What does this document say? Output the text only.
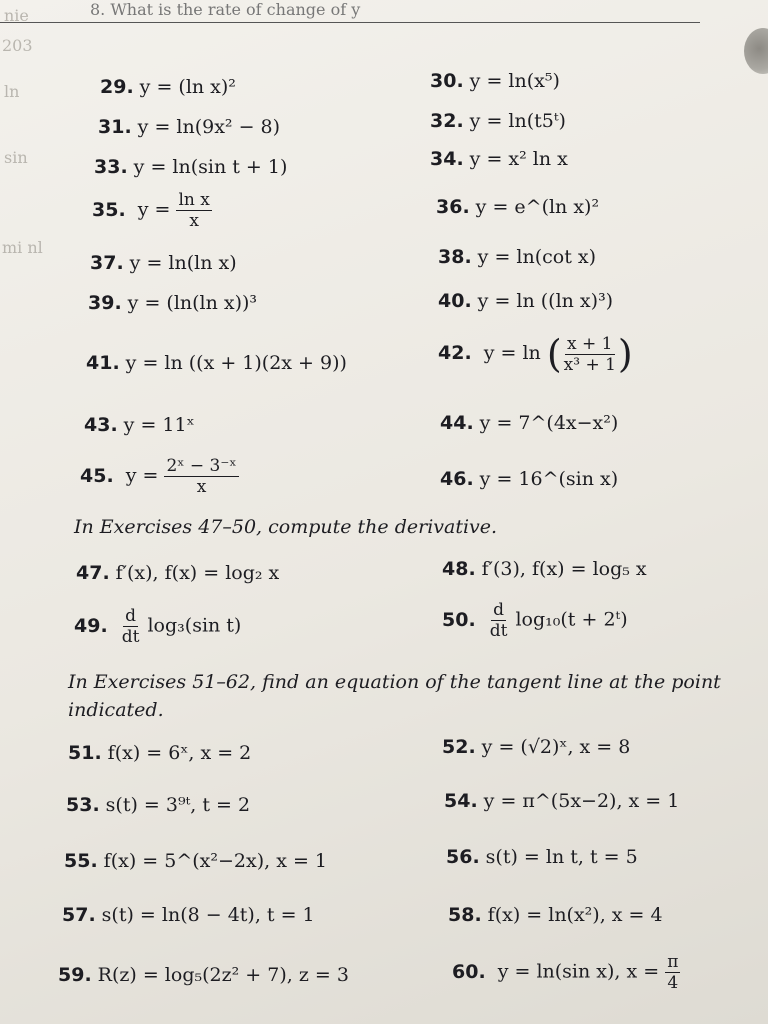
8. What is the rate of change of y
nie
203
ln
sin
mi nl
29. y = (ln x)²	30. y = ln(x⁵)
31. y = ln(9x² − 8)	32. y = ln(t5ᵗ)
33. y = ln(sin t + 1)	34. y = x² ln x
35. $y = \frac{\text{ln x}}{x}$	36. y = e^(ln x)²
37. y = ln(ln x)	38. y = ln(cot x)
39. y = (ln(ln x))³	40. y = ln ((ln x)³)
41. y = ln ((x + 1)(2x + 9))	42. y = ln ( $\frac{x + 1}{\text{x³ + 1}}$ )
43. y = 11ˣ	44. y = 7^(4x−x²)
45. $y = \frac{\text{2ˣ − 3⁻ˣ}}{x}$	46. y = 16^(sin x)
In Exercises 47–50, compute the derivative.
47. f′(x), f(x) = log₂ x	48. f′(3), f(x) = log₅ x
49. $\frac{d}{dt} \log_3(\sin$ t)	50. $\frac{d}{dt} \log_{10}(t$ + 2ᵗ)
In Exercises 51–62, find an equation of the tangent line at the point indicated.
51. f(x) = 6ˣ, x = 2	52. y = (√2)ˣ, x = 8
53. s(t) = 3⁹ᵗ, t = 2	54. y = π^(5x−2), x = 1
55. f(x) = 5^(x²−2x), x = 1	56. s(t) = ln t, t = 5
57. s(t) = ln(8 − 4t), t = 1	58. f(x) = ln(x²), x = 4
59. R(z) = log₅(2z² + 7), z = 3	60. y = ln(sin x), $x = \frac{\pi}{4}$
